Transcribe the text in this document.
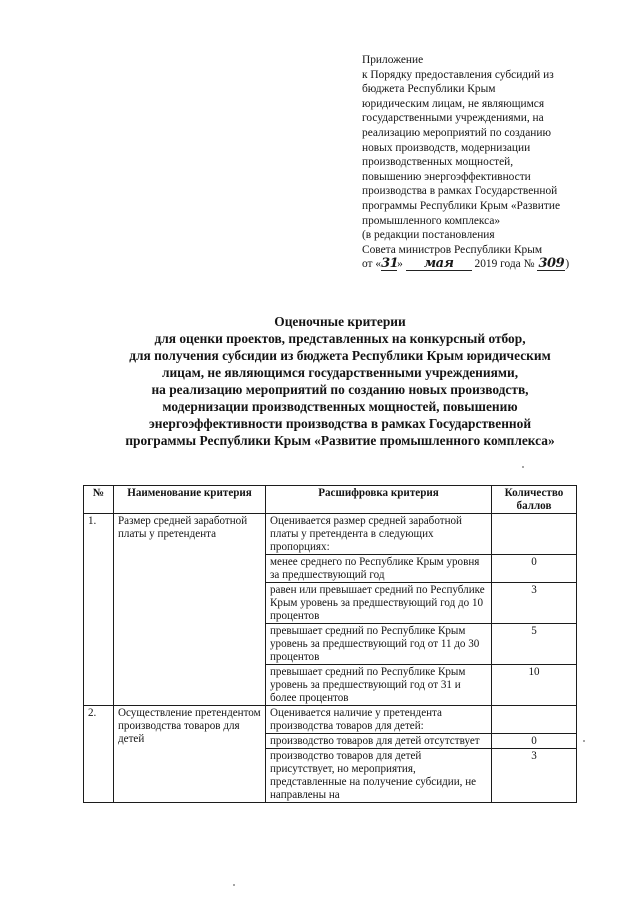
Приложение
к Порядку предоставления субсидий из
бюджета Республики Крым
юридическим лицам, не являющимся
государственными учреждениями, на
реализацию мероприятий по созданию
новых производств, модернизации
производственных мощностей,
повышению энергоэффективности
производства в рамках Государственной
программы Республики Крым «Развитие
промышленного комплекса»
(в редакции постановления
Совета министров Республики Крым
от «31» мая 2019 года № 309)
Оценочные критерии
для оценки проектов, представленных на конкурсный отбор,
для получения субсидии из бюджета Республики Крым юридическим
лицам, не являющимся государственными учреждениями,
на реализацию мероприятий по созданию новых производств,
модернизации производственных мощностей, повышению
энергоэффективности производства в рамках Государственной
программы Республики Крым «Развитие промышленного комплекса»
№	Наименование критерия	Расшифровка критерия	Количество баллов
1.	Размер средней заработной платы у претендента	Оценивается размер средней заработной платы у претендента в следующих пропорциях:	
		менее среднего по Республике Крым уровня за предшествующий год	0
		равен или превышает средний по Республике Крым уровень за предшествующий год до 10 процентов	3
		превышает средний по Республике Крым уровень за предшествующий год от 11 до 30 процентов	5
		превышает средний по Республике Крым уровень за предшествующий год от 31 и более процентов	10
2.	Осуществление претендентом производства товаров для детей	Оценивается наличие у претендента производства товаров для детей:	
		производство товаров для детей отсутствует	0
		производство товаров для детей присутствует, но мероприятия, представленные на получение субсидии, не направлены на	3
